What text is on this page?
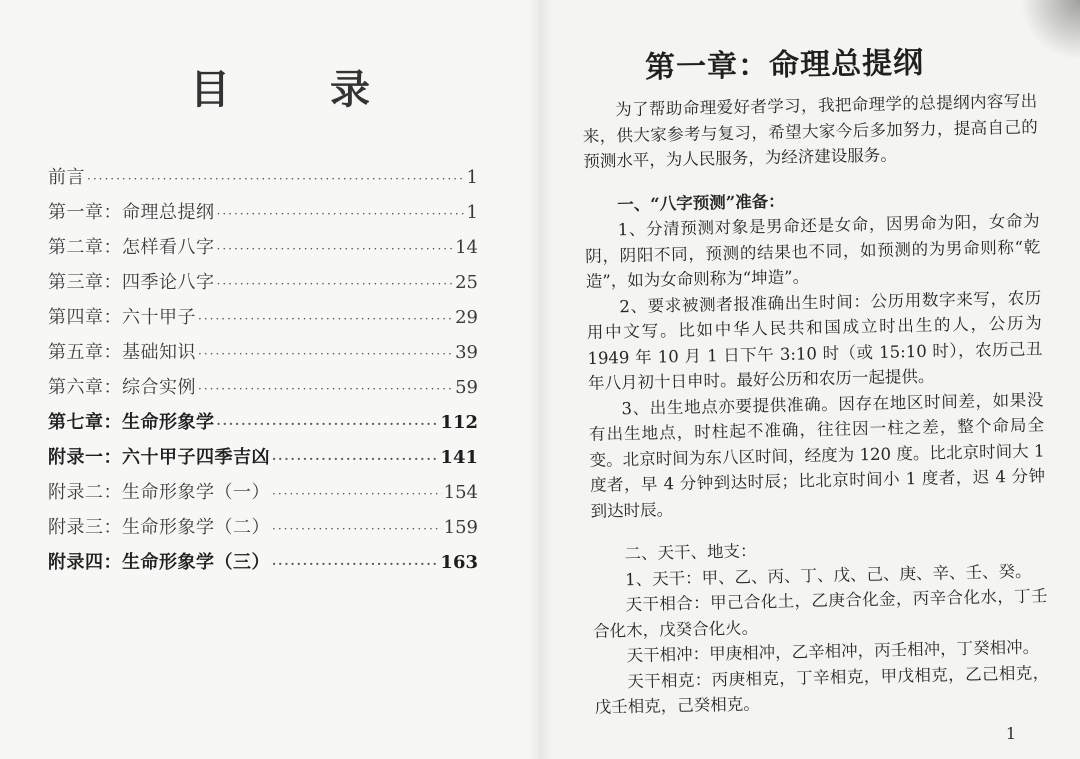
目	录
前言 ·····	1
第一章：命理总提纲 ·····	1
第二章：怎样看八字 ·····	14
第三章：四季论八字 ·····	25
第四章：六十甲子 ·····	29
第五章：基础知识 ·····	39
第六章：综合实例 ·····	59
第七章：生命形象学 ·····	112
附录一：六十甲子四季吉凶 ·····	141
附录二：生命形象学（一） ·····	154
附录三：生命形象学（二） ·····	159
附录四：生命形象学（三） ·····	163
第一章：命理总提纲

为了帮助命理爱好者学习，我把命理学的总提纲内容写出来，供大家参考与复习，希望大家今后多加努力，提高自己的预测水平，为人民服务，为经济建设服务。

一、“八字预测”准备：

1、分清预测对象是男命还是女命，因男命为阳，女命为阴，阴阳不同，预测的结果也不同，如预测的为男命则称“乾造”，如为女命则称为“坤造”。

2、要求被测者报准确出生时间：公历用数字来写，农历用中文写。比如中华人民共和国成立时出生的人，公历为 1949 年 10 月 1 日下午 3:10 时（或 15:10 时），农历己丑年八月初十日申时。最好公历和农历一起提供。

3、出生地点亦要提供准确。因存在地区时间差，如果没有出生地点，时柱起不准确，往往因一柱之差，整个命局全变。北京时间为东八区时间，经度为 120 度。比北京时间大 1 度者，早 4 分钟到达时辰；比北京时间小 1 度者，迟 4 分钟到达时辰。

二、天干、地支：

1、天干：甲、乙、丙、丁、戊、己、庚、辛、壬、癸。

天干相合：甲己合化土，乙庚合化金，丙辛合化水，丁壬合化木，戊癸合化火。

天干相冲：甲庚相冲，乙辛相冲，丙壬相冲，丁癸相冲。

天干相克：丙庚相克，丁辛相克，甲戊相克，乙己相克，戊壬相克，己癸相克。

1
